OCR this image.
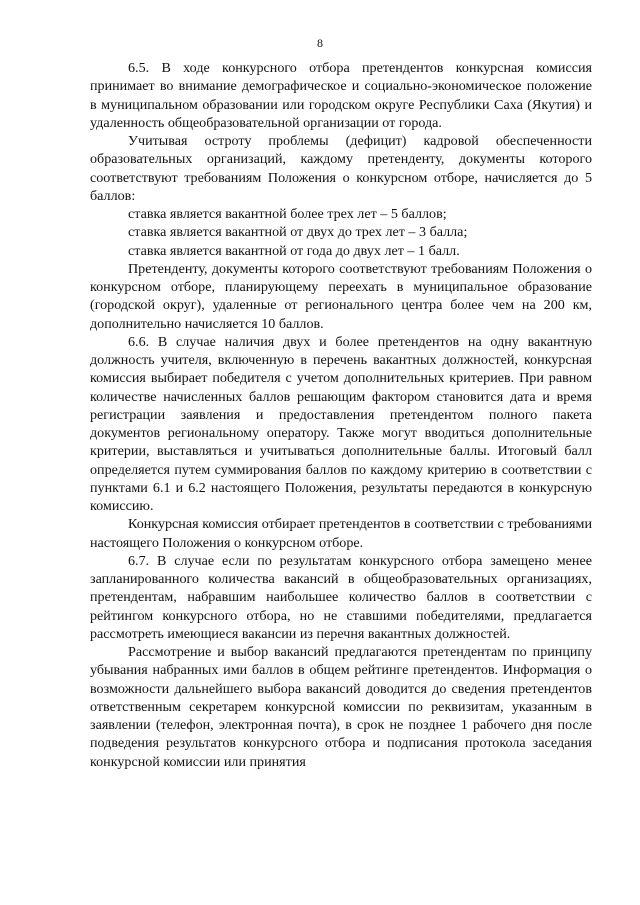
8

6.5. В ходе конкурсного отбора претендентов конкурсная комиссия принимает во внимание демографическое и социально-экономическое положение в муниципальном образовании или городском округе Республики Саха (Якутия) и удаленность общеобразовательной организации от города.

Учитывая остроту проблемы (дефицит) кадровой обеспеченности образовательных организаций, каждому претенденту, документы которого соответствуют требованиям Положения о конкурсном отборе, начисляется до 5 баллов:

ставка является вакантной более трех лет – 5 баллов;

ставка является вакантной от двух до трех лет – 3 балла;

ставка является вакантной от года до двух лет – 1 балл.

Претенденту, документы которого соответствуют требованиям Положения о конкурсном отборе, планирующему переехать в муниципальное образование (городской округ), удаленные от регионального центра более чем на 200 км, дополнительно начисляется 10 баллов.

6.6. В случае наличия двух и более претендентов на одну вакантную должность учителя, включенную в перечень вакантных должностей, конкурсная комиссия выбирает победителя с учетом дополнительных критериев. При равном количестве начисленных баллов решающим фактором становится дата и время регистрации заявления и предоставления претендентом полного пакета документов региональному оператору. Также могут вводиться дополнительные критерии, выставляться и учитываться дополнительные баллы. Итоговый балл определяется путем суммирования баллов по каждому критерию в соответствии с пунктами 6.1 и 6.2 настоящего Положения, результаты передаются в конкурсную комиссию.

Конкурсная комиссия отбирает претендентов в соответствии с требованиями настоящего Положения о конкурсном отборе.

6.7. В случае если по результатам конкурсного отбора замещено менее запланированного количества вакансий в общеобразовательных организациях, претендентам, набравшим наибольшее количество баллов в соответствии с рейтингом конкурсного отбора, но не ставшими победителями, предлагается рассмотреть имеющиеся вакансии из перечня вакантных должностей.

Рассмотрение и выбор вакансий предлагаются претендентам по принципу убывания набранных ими баллов в общем рейтинге претендентов. Информация о возможности дальнейшего выбора вакансий доводится до сведения претендентов ответственным секретарем конкурсной комиссии по реквизитам, указанным в заявлении (телефон, электронная почта), в срок не позднее 1 рабочего дня после подведения результатов конкурсного отбора и подписания протокола заседания конкурсной комиссии или принятия
